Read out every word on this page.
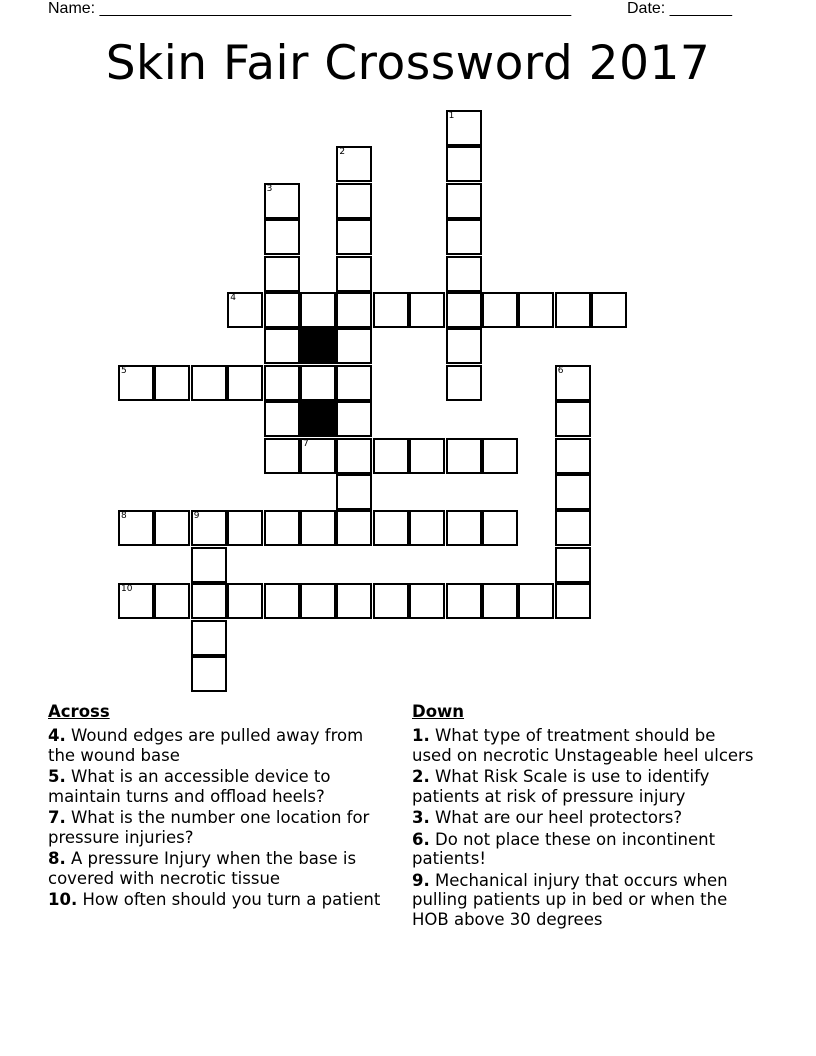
Name: _____________________________________________________	Date: _______
Skin Fair Crossword 2017
1
2
3
4
5	6
7
8	9
10
Across
4. Wound edges are pulled away from the wound base
5. What is an accessible device to maintain turns and offload heels?
7. What is the number one location for pressure injuries?
8. A pressure Injury when the base is covered with necrotic tissue
10. How often should you turn a patient
Down
1. What type of treatment should be used on necrotic Unstageable heel ulcers
2. What Risk Scale is use to identify patients at risk of pressure injury
3. What are our heel protectors?
6. Do not place these on incontinent patients!
9. Mechanical injury that occurs when pulling patients up in bed or when the HOB above 30 degrees
